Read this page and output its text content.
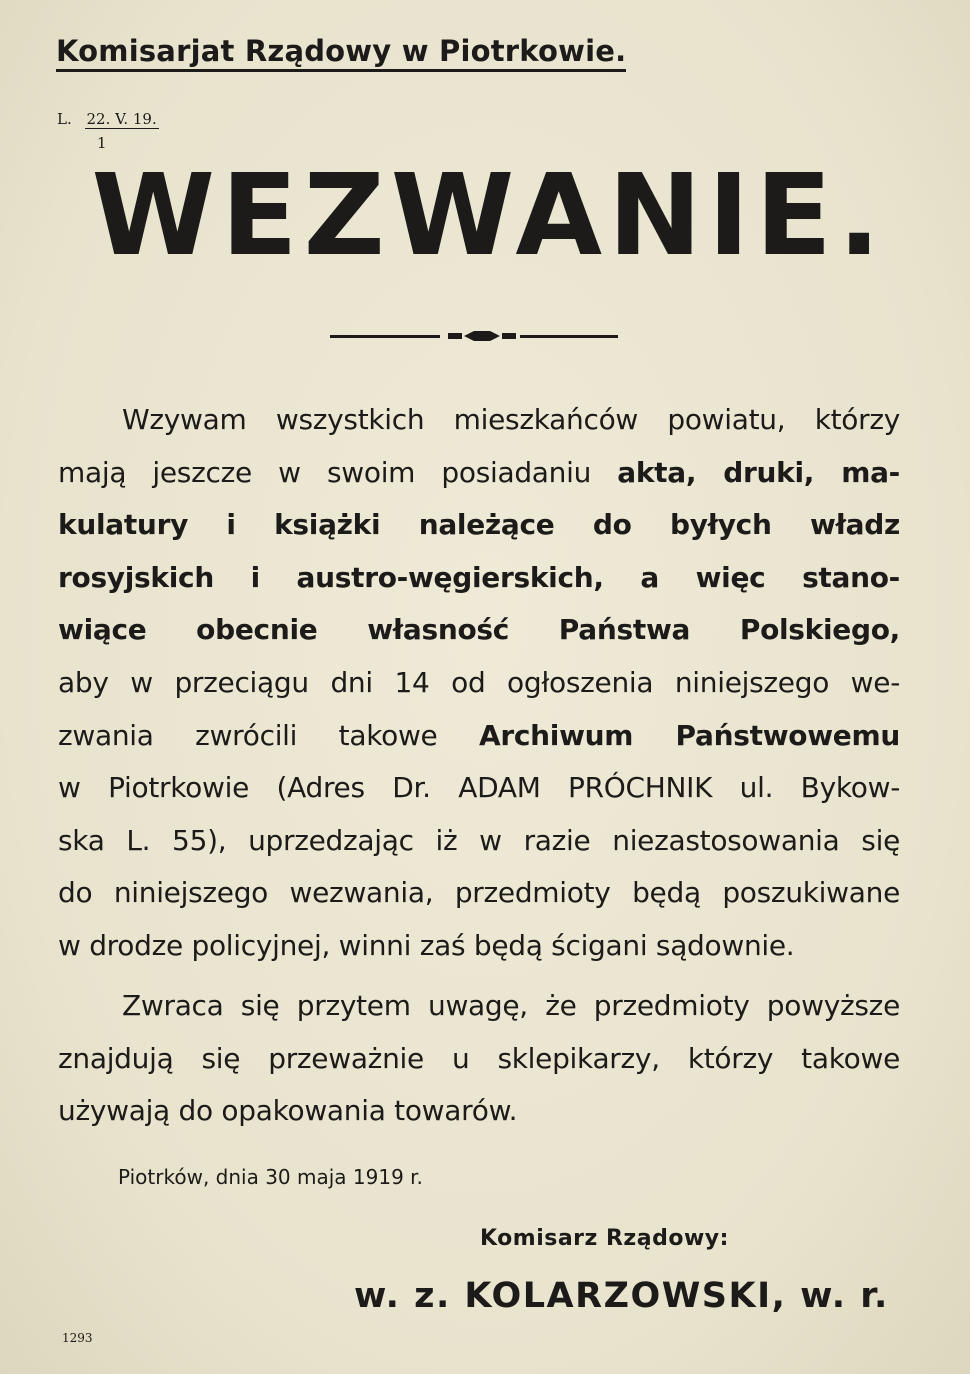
Komisarjat Rządowy w Piotrkowie.
L. 22. V. 19.
1
WEZWANIE.
Wzywam wszystkich mieszkańców powiatu, którzy
mają jeszcze w swoim posiadaniu akta, druki, ma-
kulatury i książki należące do byłych władz
rosyjskich i austro-węgierskich, a więc stano-
wiące obecnie własność Państwa Polskiego,
aby w przeciągu dni 14 od ogłoszenia niniejszego we-
zwania zwrócili takowe Archiwum Państwowemu
w Piotrkowie (Adres Dr. ADAM PRÓCHNIK ul. Bykow-
ska L. 55), uprzedzając iż w razie niezastosowania się
do niniejszego wezwania, przedmioty będą poszukiwane
w drodze policyjnej, winni zaś będą ścigani sądownie.
Zwraca się przytem uwagę, że przedmioty powyższe
znajdują się przeważnie u sklepikarzy, którzy takowe
używają do opakowania towarów.
Piotrków, dnia 30 maja 1919 r.
Komisarz Rządowy:
w. z. KOLARZOWSKI, w. r.
1293
